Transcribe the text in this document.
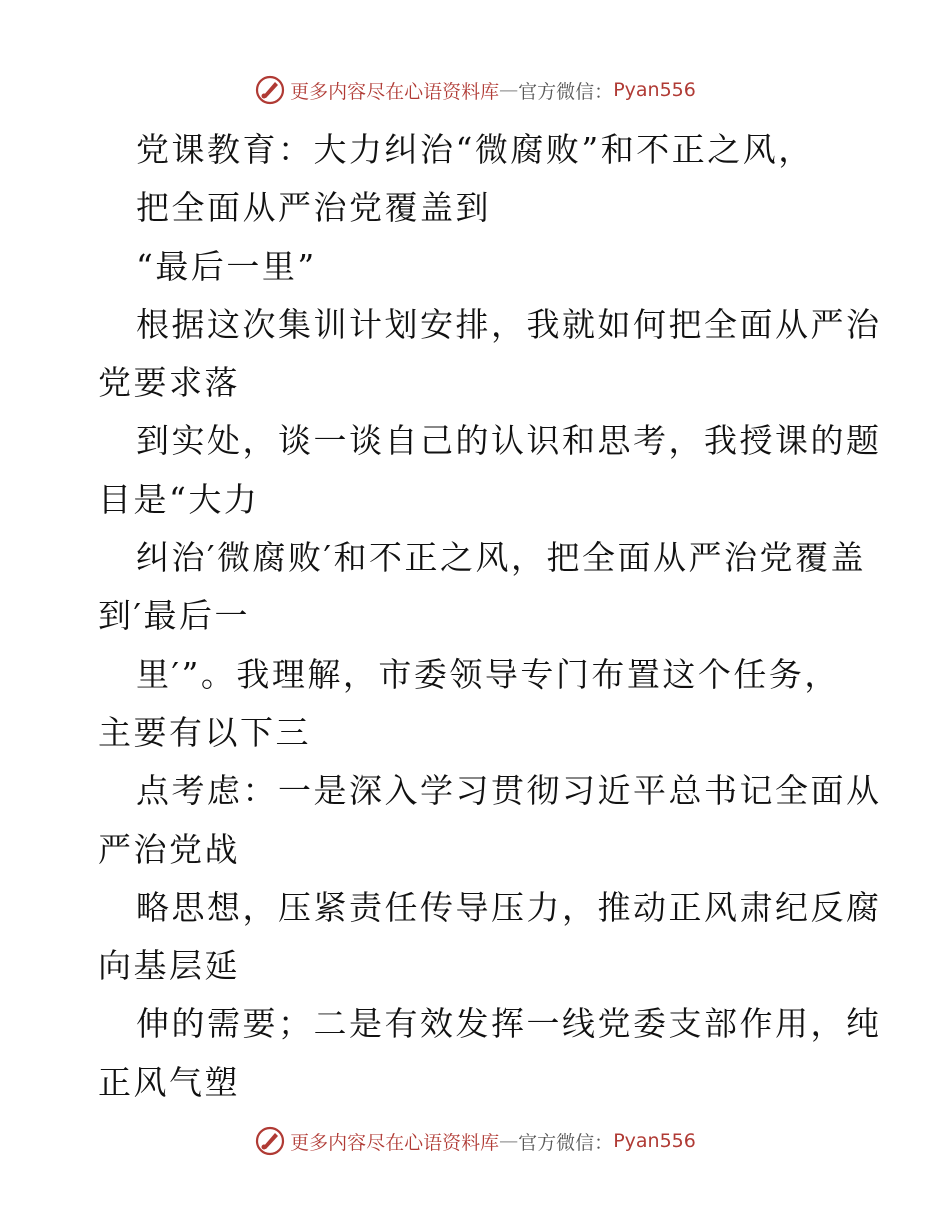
更多内容尽在心语资料库 — 官方微信： Pyan556
党课教育：大力纠治“微腐败”和不正之风，
把全面从严治党覆盖到
“最后一里”
根据这次集训计划安排，我就如何把全面从严治
党要求落
到实处，谈一谈自己的认识和思考，我授课的题
目是“大力
纠治′微腐败′和不正之风，把全面从严治党覆盖
到′最后一
里′”。我理解，市委领导专门布置这个任务，
主要有以下三
点考虑：一是深入学习贯彻习近平总书记全面从
严治党战
略思想，压紧责任传导压力，推动正风肃纪反腐
向基层延
伸的需要；二是有效发挥一线党委支部作用，纯
正风气塑
更多内容尽在心语资料库 — 官方微信： Pyan556
